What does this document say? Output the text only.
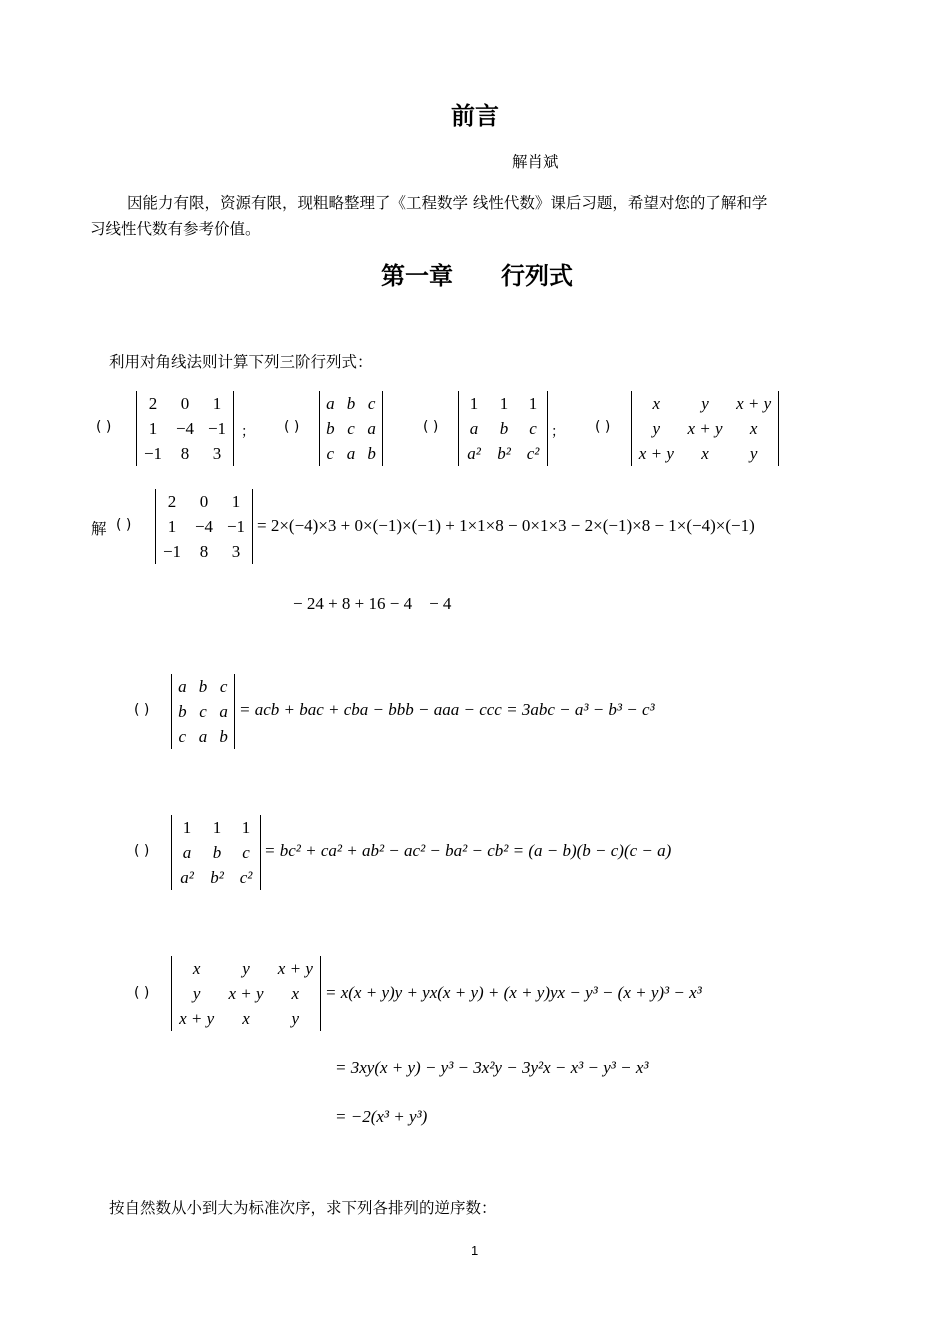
前言
解肖斌
因能力有限，资源有限，现粗略整理了《工程数学 线性代数》课后习题，希望对您的了解和学
习线性代数有参考价值。
第一章　　行列式
利用对角线法则计算下列三阶行列式：
( )
2	0	1
1	−4	−1
−1	8	3
； ( )
a	b	c
b	c	a
c	a	b
( )
1	1	1
a	b	c
a²	b²	c²
； ( )
x	y	x + y
y	x + y	x
x + y	x	y
解 ( )
2	0	1
1	−4	−1
−1	8	3
= 2×(−4)×3 + 0×(−1)×(−1) + 1×1×8 − 0×1×3 − 2×(−1)×8 − 1×(−4)×(−1)
− 24 + 8 + 16 − 4　− 4
( )
a	b	c
b	c	a
c	a	b
= acb + bac + cba − bbb − aaa − ccc = 3abc − a³ − b³ − c³
( )
1	1	1
a	b	c
a²	b²	c²
= bc² + ca² + ab² − ac² − ba² − cb² = (a − b)(b − c)(c − a)
( )
x	y	x + y
y	x + y	x
x + y	x	y
= x(x + y)y + yx(x + y) + (x + y)yx − y³ − (x + y)³ − x³
= 3xy(x + y) − y³ − 3x²y − 3y²x − x³ − y³ − x³
= −2(x³ + y³)
按自然数从小到大为标准次序，求下列各排列的逆序数：
1
